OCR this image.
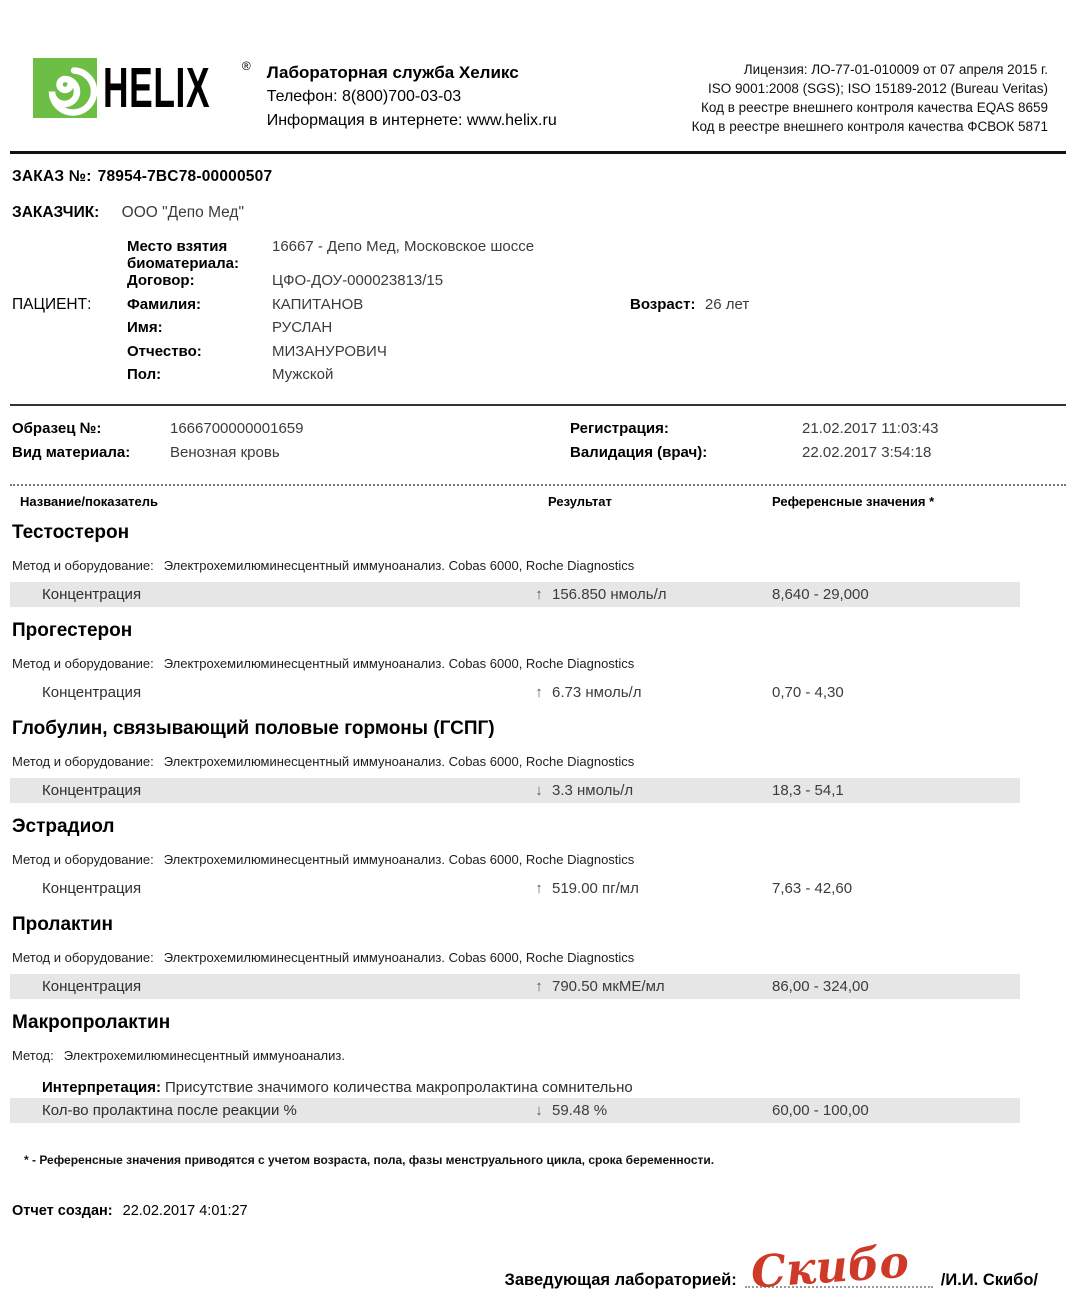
HELIX	® Лабораторная служба Хеликс
Телефон: 8(800)700-03-03
Информация в интернете: www.helix.ru
Лицензия: ЛО-77-01-010009 от 07 апреля 2015 г.
ISO 9001:2008 (SGS); ISO 15189-2012 (Bureau Veritas)
Код в реестре внешнего контроля качества EQAS 8659
Код в реестре внешнего контроля качества ФСВОК 5871
ЗАКАЗ №: 78954-7BC78-00000507
ЗАКАЗЧИК: ООО "Депо Мед"
Место взятия биоматериала:
16667 - Депо Мед, Московское шоссе
Договор:	ЦФО-ДОУ-000023813/15
ПАЦИЕНТ:	Фамилия:	КАПИТАНОВ	Возраст: 26 лет
Имя:	РУСЛАН
Отчество:	МИЗАНУРОВИЧ
Пол:	Мужской
Образец №:	1666700000001659	Регистрация:	21.02.2017 11:03:43
Вид материала:	Венозная кровь	Валидация (врач):	22.02.2017 3:54:18
Название/показатель	Результат	Референсные значения *
Тестостерон
Метод и оборудование: Электрохемилюминесцентный иммуноанализ. Cobas 6000, Roche Diagnostics
Концентрация	↑ 156.850 нмоль/л	8,640 - 29,000
Прогестерон
Метод и оборудование: Электрохемилюминесцентный иммуноанализ. Cobas 6000, Roche Diagnostics
Концентрация	↑ 6.73 нмоль/л	0,70 - 4,30
Глобулин, связывающий половые гормоны (ГСПГ)
Метод и оборудование: Электрохемилюминесцентный иммуноанализ. Cobas 6000, Roche Diagnostics
Концентрация	↓ 3.3 нмоль/л	18,3 - 54,1
Эстрадиол
Метод и оборудование: Электрохемилюминесцентный иммуноанализ. Cobas 6000, Roche Diagnostics
Концентрация	↑ 519.00 пг/мл	7,63 - 42,60
Пролактин
Метод и оборудование: Электрохемилюминесцентный иммуноанализ. Cobas 6000, Roche Diagnostics
Концентрация	↑ 790.50 мкМЕ/мл	86,00 - 324,00
Макропролактин
Метод: Электрохемилюминесцентный иммуноанализ.
Интерпретация: Присутствие значимого количества макропролактина сомнительно
Кол-во пролактина после реакции %	↓ 59.48 %	60,00 - 100,00
* - Референсные значения приводятся с учетом возраста, пола, фазы менструального цикла, срока беременности.
Отчет создан: 22.02.2017 4:01:27
Заведующая лабораторией: Скибо /И.И. Скибо/
